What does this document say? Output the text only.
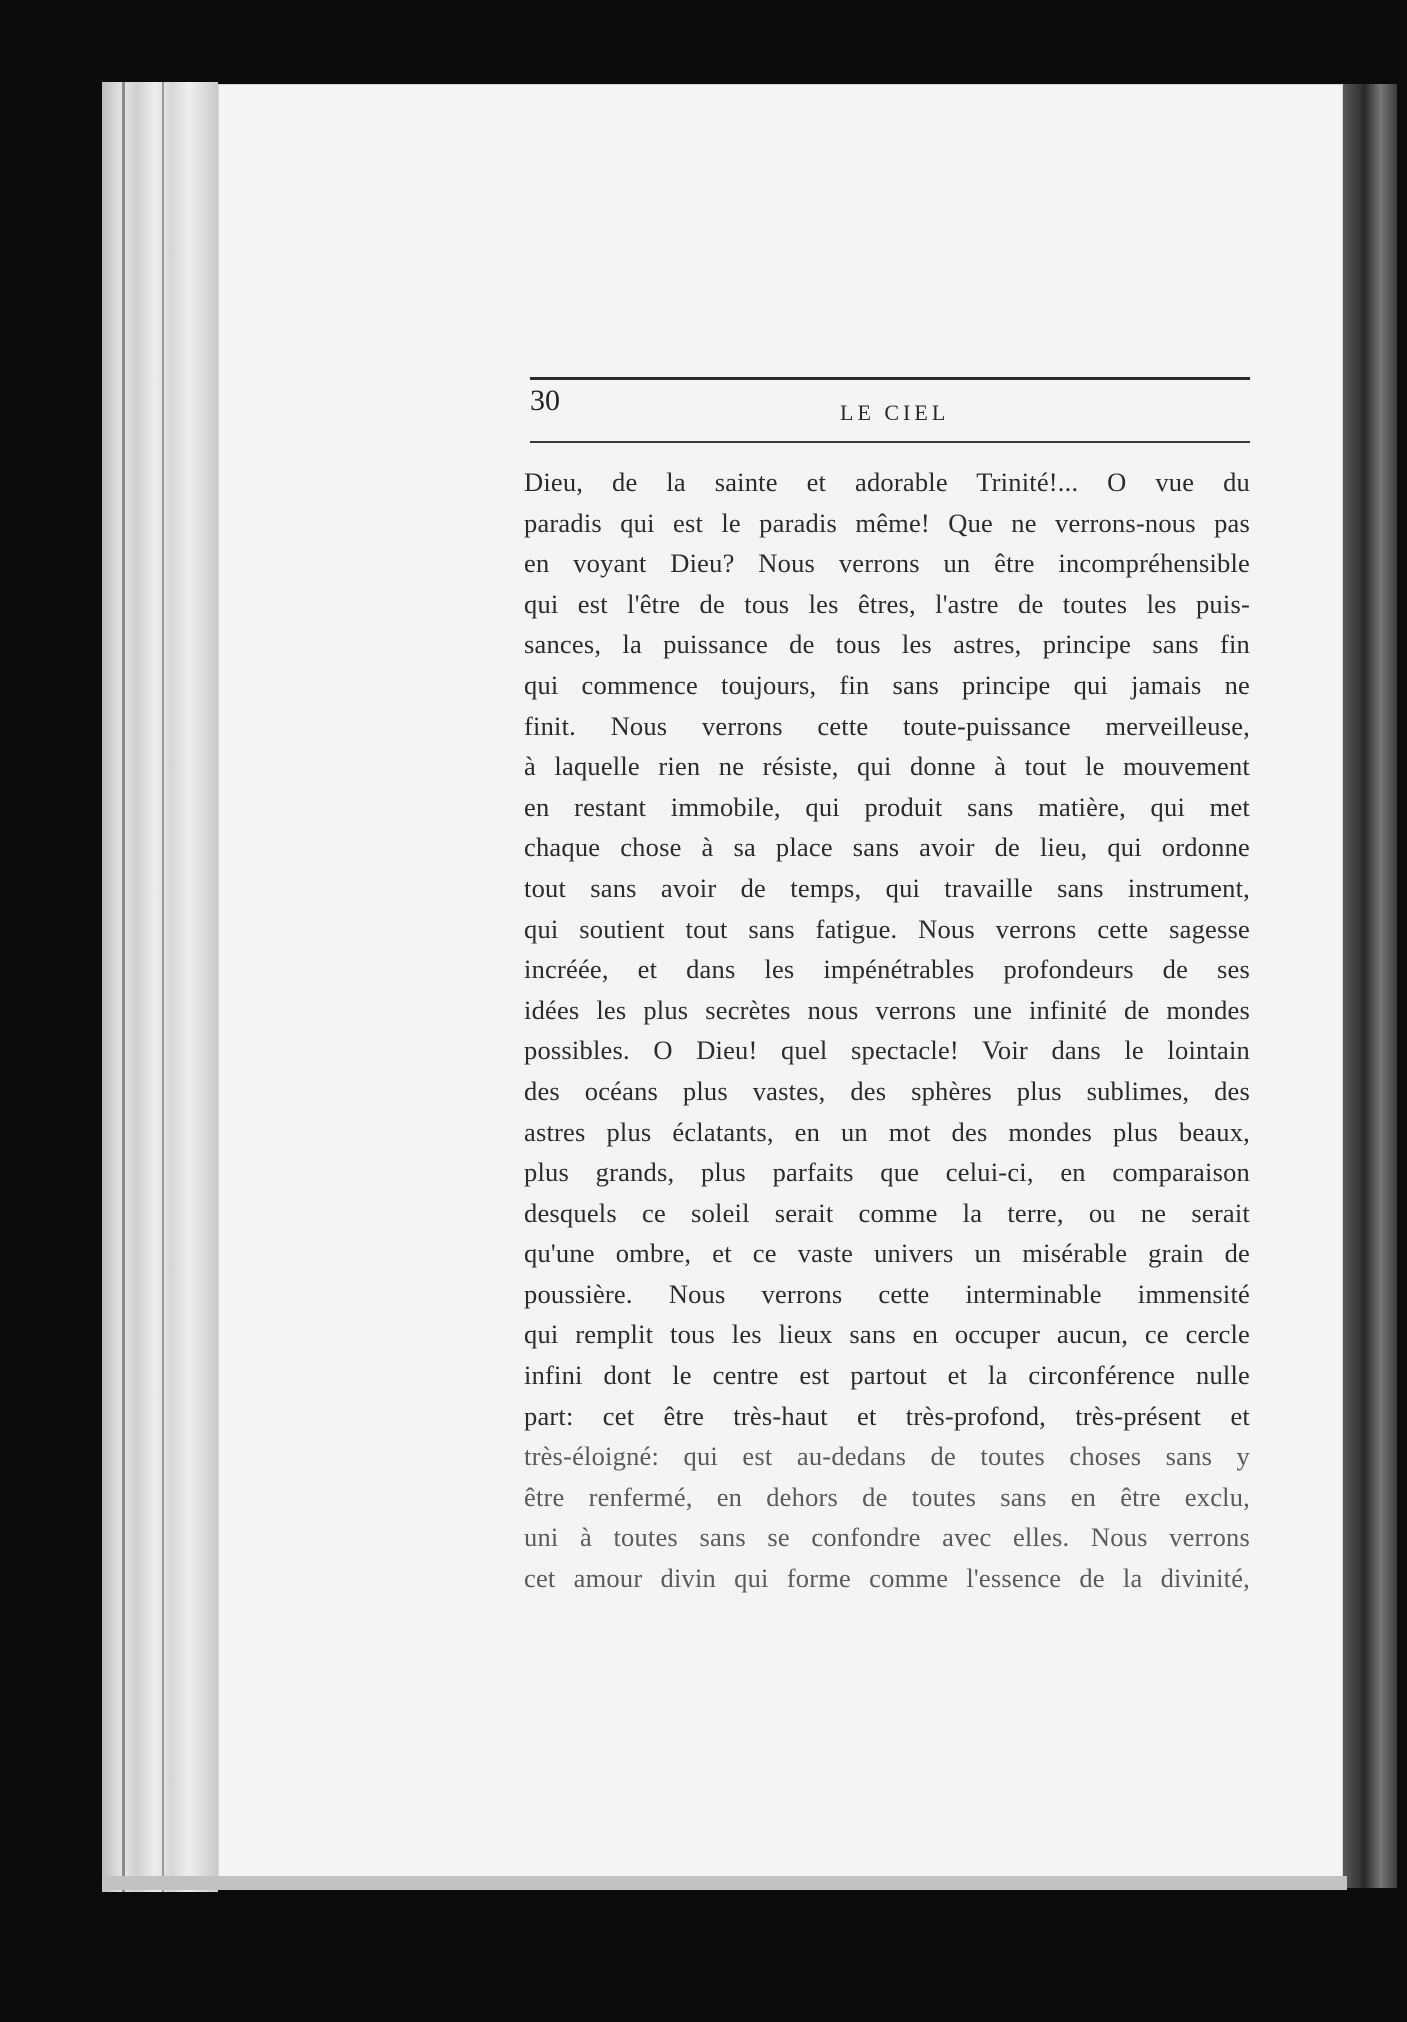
30	LE CIEL

Dieu, de la sainte et adorable Trinité!... O vue du
paradis qui est le paradis même! Que ne verrons-nous pas
en voyant Dieu? Nous verrons un être incompréhensible
qui est l'être de tous les êtres, l'astre de toutes les puis-
sances, la puissance de tous les astres, principe sans fin
qui commence toujours, fin sans principe qui jamais ne
finit. Nous verrons cette toute-puissance merveilleuse,
à laquelle rien ne résiste, qui donne à tout le mouvement
en restant immobile, qui produit sans matière, qui met
chaque chose à sa place sans avoir de lieu, qui ordonne
tout sans avoir de temps, qui travaille sans instrument,
qui soutient tout sans fatigue. Nous verrons cette sagesse
incréée, et dans les impénétrables profondeurs de ses
idées les plus secrètes nous verrons une infinité de mondes
possibles. O Dieu! quel spectacle! Voir dans le lointain
des océans plus vastes, des sphères plus sublimes, des
astres plus éclatants, en un mot des mondes plus beaux,
plus grands, plus parfaits que celui-ci, en comparaison
desquels ce soleil serait comme la terre, ou ne serait
qu'une ombre, et ce vaste univers un misérable grain de
poussière. Nous verrons cette interminable immensité
qui remplit tous les lieux sans en occuper aucun, ce cercle
infini dont le centre est partout et la circonférence nulle
part: cet être très-haut et très-profond, très-présent et
très-éloigné: qui est au-dedans de toutes choses sans y
être renfermé, en dehors de toutes sans en être exclu,
uni à toutes sans se confondre avec elles. Nous verrons
cet amour divin qui forme comme l'essence de la divinité,
